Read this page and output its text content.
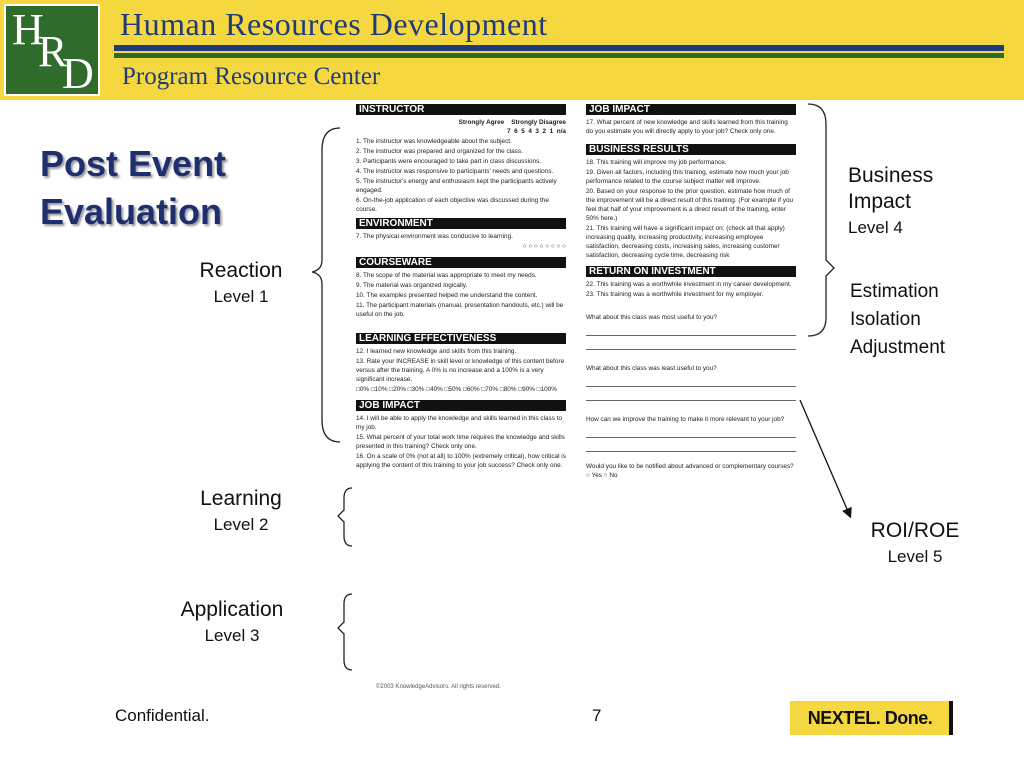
H
R
D
Human Resources Development
Program Resource Center
Post Event
Evaluation
Reaction
Level 1
Learning
Level 2
Application
Level 3
Business
Impact
Level 4
Estimation
Isolation
Adjustment
ROI/ROE
Level 5
INSTRUCTOR
Strongly Agree    Strongly Disagree
7  6  5  4  3  2  1  n/a
1. The instructor was knowledgeable about the subject.
2. The instructor was prepared and organized for the class.
3. Participants were encouraged to take part in class discussions.
4. The instructor was responsive to participants' needs and questions.
5. The instructor's energy and enthusiasm kept the participants actively engaged.
6. On-the-job application of each objective was discussed during the course.
ENVIRONMENT
7. The physical environment was conducive to learning.
○ ○ ○ ○ ○ ○ ○ ○
COURSEWARE
8. The scope of the material was appropriate to meet my needs.
9. The material was organized logically.
10. The examples presented helped me understand the content.
11. The participant materials (manual, presentation handouts, etc.) will be useful on the job.
LEARNING EFFECTIVENESS
12. I learned new knowledge and skills from this training.
13. Rate your INCREASE in skill level or knowledge of this content before versus after the training. A 0% is no increase and a 100% is a very significant increase.
□0% □10% □20% □30% □40% □50% □60% □70% □80% □90% □100%
JOB IMPACT
14. I will be able to apply the knowledge and skills learned in this class to my job.
15. What percent of your total work time requires the knowledge and skills presented in this training? Check only one.
16. On a scale of 0% (not at all) to 100% (extremely critical), how critical is applying the content of this training to your job success? Check only one.
JOB IMPACT
17. What percent of new knowledge and skills learned from this training do you estimate you will directly apply to your job? Check only one.
BUSINESS RESULTS
18. This training will improve my job performance.
19. Given all factors, including this training, estimate how much your job performance related to the course subject matter will improve.
20. Based on your response to the prior question, estimate how much of the improvement will be a direct result of this training. (For example if you feel that half of your improvement is a direct result of the training, enter 50% here.)
21. This training will have a significant impact on: (check all that apply) increasing quality, increasing productivity, increasing employee satisfaction, decreasing costs, increasing sales, increasing customer satisfaction, decreasing cycle time, decreasing risk
RETURN ON INVESTMENT
22. This training was a worthwhile investment in my career development.
23. This training was a worthwhile investment for my employer.
What about this class was most useful to you?
What about this class was least useful to you?
How can we improve the training to make it more relevant to your job?
Would you like to be notified about advanced or complementary courses? ○ Yes ○ No
©2003 KnowledgeAdvisors. All rights reserved.
Confidential.	7	NEXTEL. Done.
